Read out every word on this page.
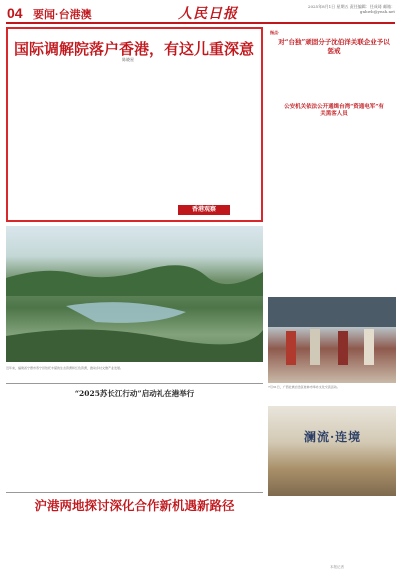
04 要闻·台港澳	人民日报	2025年8月1日 星期五 责任编辑：任成琦 邮箱：gnhwb@yeah.net
国际调解院落户香港，有这儿重深意
陈晓星
香港观察
指点·
对“台独”顽固分子沈伯洋关联企业予以惩戒
公安机关依法公开通缉台湾“资通电军”有关黑客人员
近年来，福建省宁德市寿宁县依托丰富的生态资源和红色资源，推动乡村文旅产业发展。
7月31日，广西壮族自治区桂林市举办文化交流活动。
“2025苏长江行动”启动礼在港举行
澜流·连境
沪港两地探讨深化合作新机遇新路径
本报记者
